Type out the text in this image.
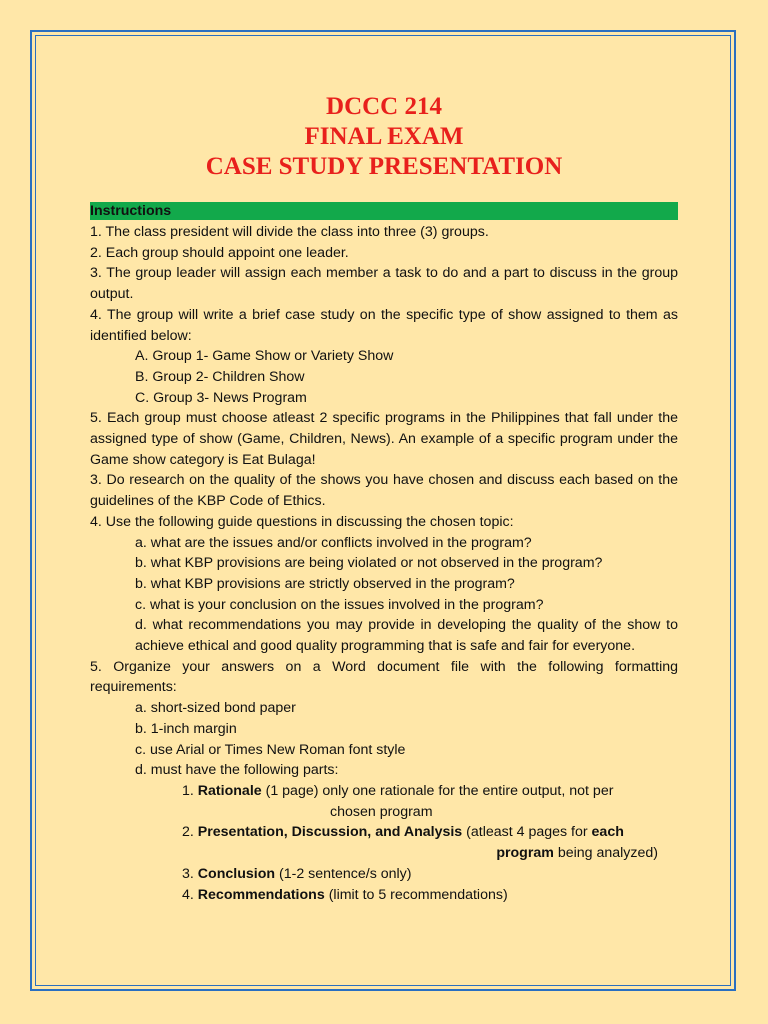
DCCC 214
FINAL EXAM
CASE STUDY PRESENTATION
Instructions
1. The class president will divide the class into three (3) groups.
2. Each group should appoint one leader.
3. The group leader will assign each member a task to do and a part to discuss in the group output.
4. The group will write a brief case study on the specific type of show assigned to them as identified below:
A. Group 1- Game Show or Variety Show
B. Group 2- Children Show
C. Group 3- News Program
5. Each group must choose atleast 2 specific programs in the Philippines that fall under the assigned type of show (Game, Children, News). An example of a specific program under the Game show category is Eat Bulaga!
3. Do research on the quality of the shows you have chosen and discuss each based on the guidelines of the KBP Code of Ethics.
4. Use the following guide questions in discussing the chosen topic:
a. what are the issues and/or conflicts involved in the program?
b. what KBP provisions are being violated or not observed in the program?
b. what KBP provisions are strictly observed in the program?
c. what is your conclusion on the issues involved in the program?
d. what recommendations you may provide in developing the quality of the show to achieve ethical and good quality programming that is safe and fair for everyone.
5. Organize your answers on a Word document file with the following formatting requirements:
a. short-sized bond paper
b. 1-inch margin
c. use Arial or Times New Roman font style
d. must have the following parts:
1. Rationale (1 page) only one rationale for the entire output, not per
chosen program
2. Presentation, Discussion, and Analysis (atleast 4 pages for each
program being analyzed)
3. Conclusion (1-2 sentence/s only)
4. Recommendations (limit to 5 recommendations)
